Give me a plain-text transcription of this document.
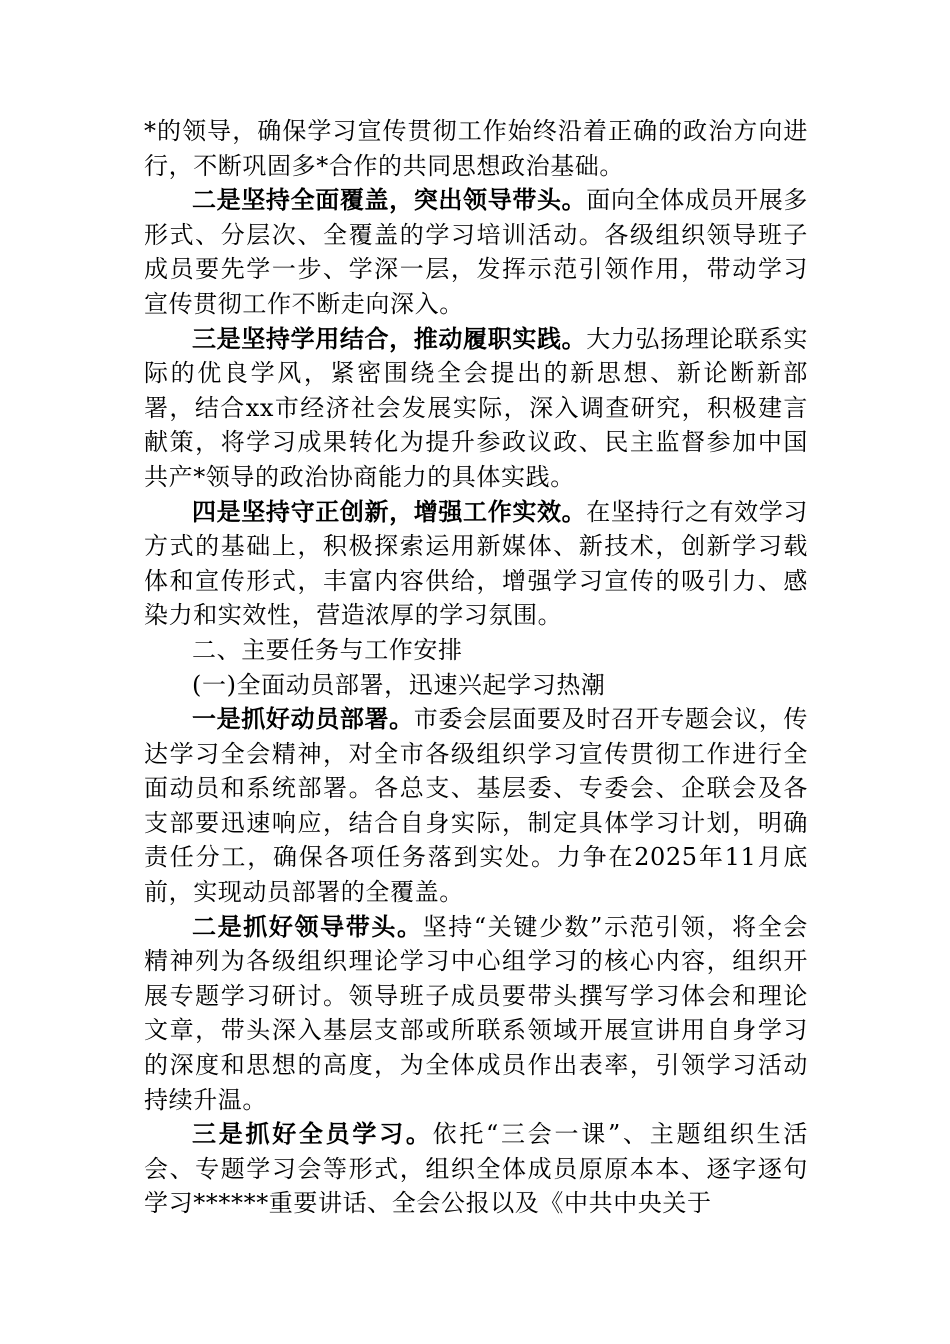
*的领导，确保学习宣传贯彻工作始终沿着正确的政治方向进行，不断巩固多*合作的共同思想政治基础。

二是坚持全面覆盖，突出领导带头。面向全体成员开展多形式、分层次、全覆盖的学习培训活动。各级组织领导班子成员要先学一步、学深一层，发挥示范引领作用，带动学习宣传贯彻工作不断走向深入。

三是坚持学用结合，推动履职实践。大力弘扬理论联系实际的优良学风，紧密围绕全会提出的新思想、新论断新部署，结合xx市经济社会发展实际，深入调查研究，积极建言献策，将学习成果转化为提升参政议政、民主监督参加中国共产*领导的政治协商能力的具体实践。

四是坚持守正创新，增强工作实效。在坚持行之有效学习方式的基础上，积极探索运用新媒体、新技术，创新学习载体和宣传形式，丰富内容供给，增强学习宣传的吸引力、感染力和实效性，营造浓厚的学习氛围。

二、主要任务与工作安排

(一)全面动员部署，迅速兴起学习热潮

一是抓好动员部署。市委会层面要及时召开专题会议，传达学习全会精神，对全市各级组织学习宣传贯彻工作进行全面动员和系统部署。各总支、基层委、专委会、企联会及各支部要迅速响应，结合自身实际，制定具体学习计划，明确责任分工，确保各项任务落到实处。力争在2025年11月底前，实现动员部署的全覆盖。

二是抓好领导带头。坚持“关键少数”示范引领，将全会精神列为各级组织理论学习中心组学习的核心内容，组织开展专题学习研讨。领导班子成员要带头撰写学习体会和理论文章，带头深入基层支部或所联系领域开展宣讲用自身学习的深度和思想的高度，为全体成员作出表率，引领学习活动持续升温。

三是抓好全员学习。依托“三会一课”、主题组织生活会、专题学习会等形式，组织全体成员原原本本、逐字逐句学习******重要讲话、全会公报以及《中共中央关于
